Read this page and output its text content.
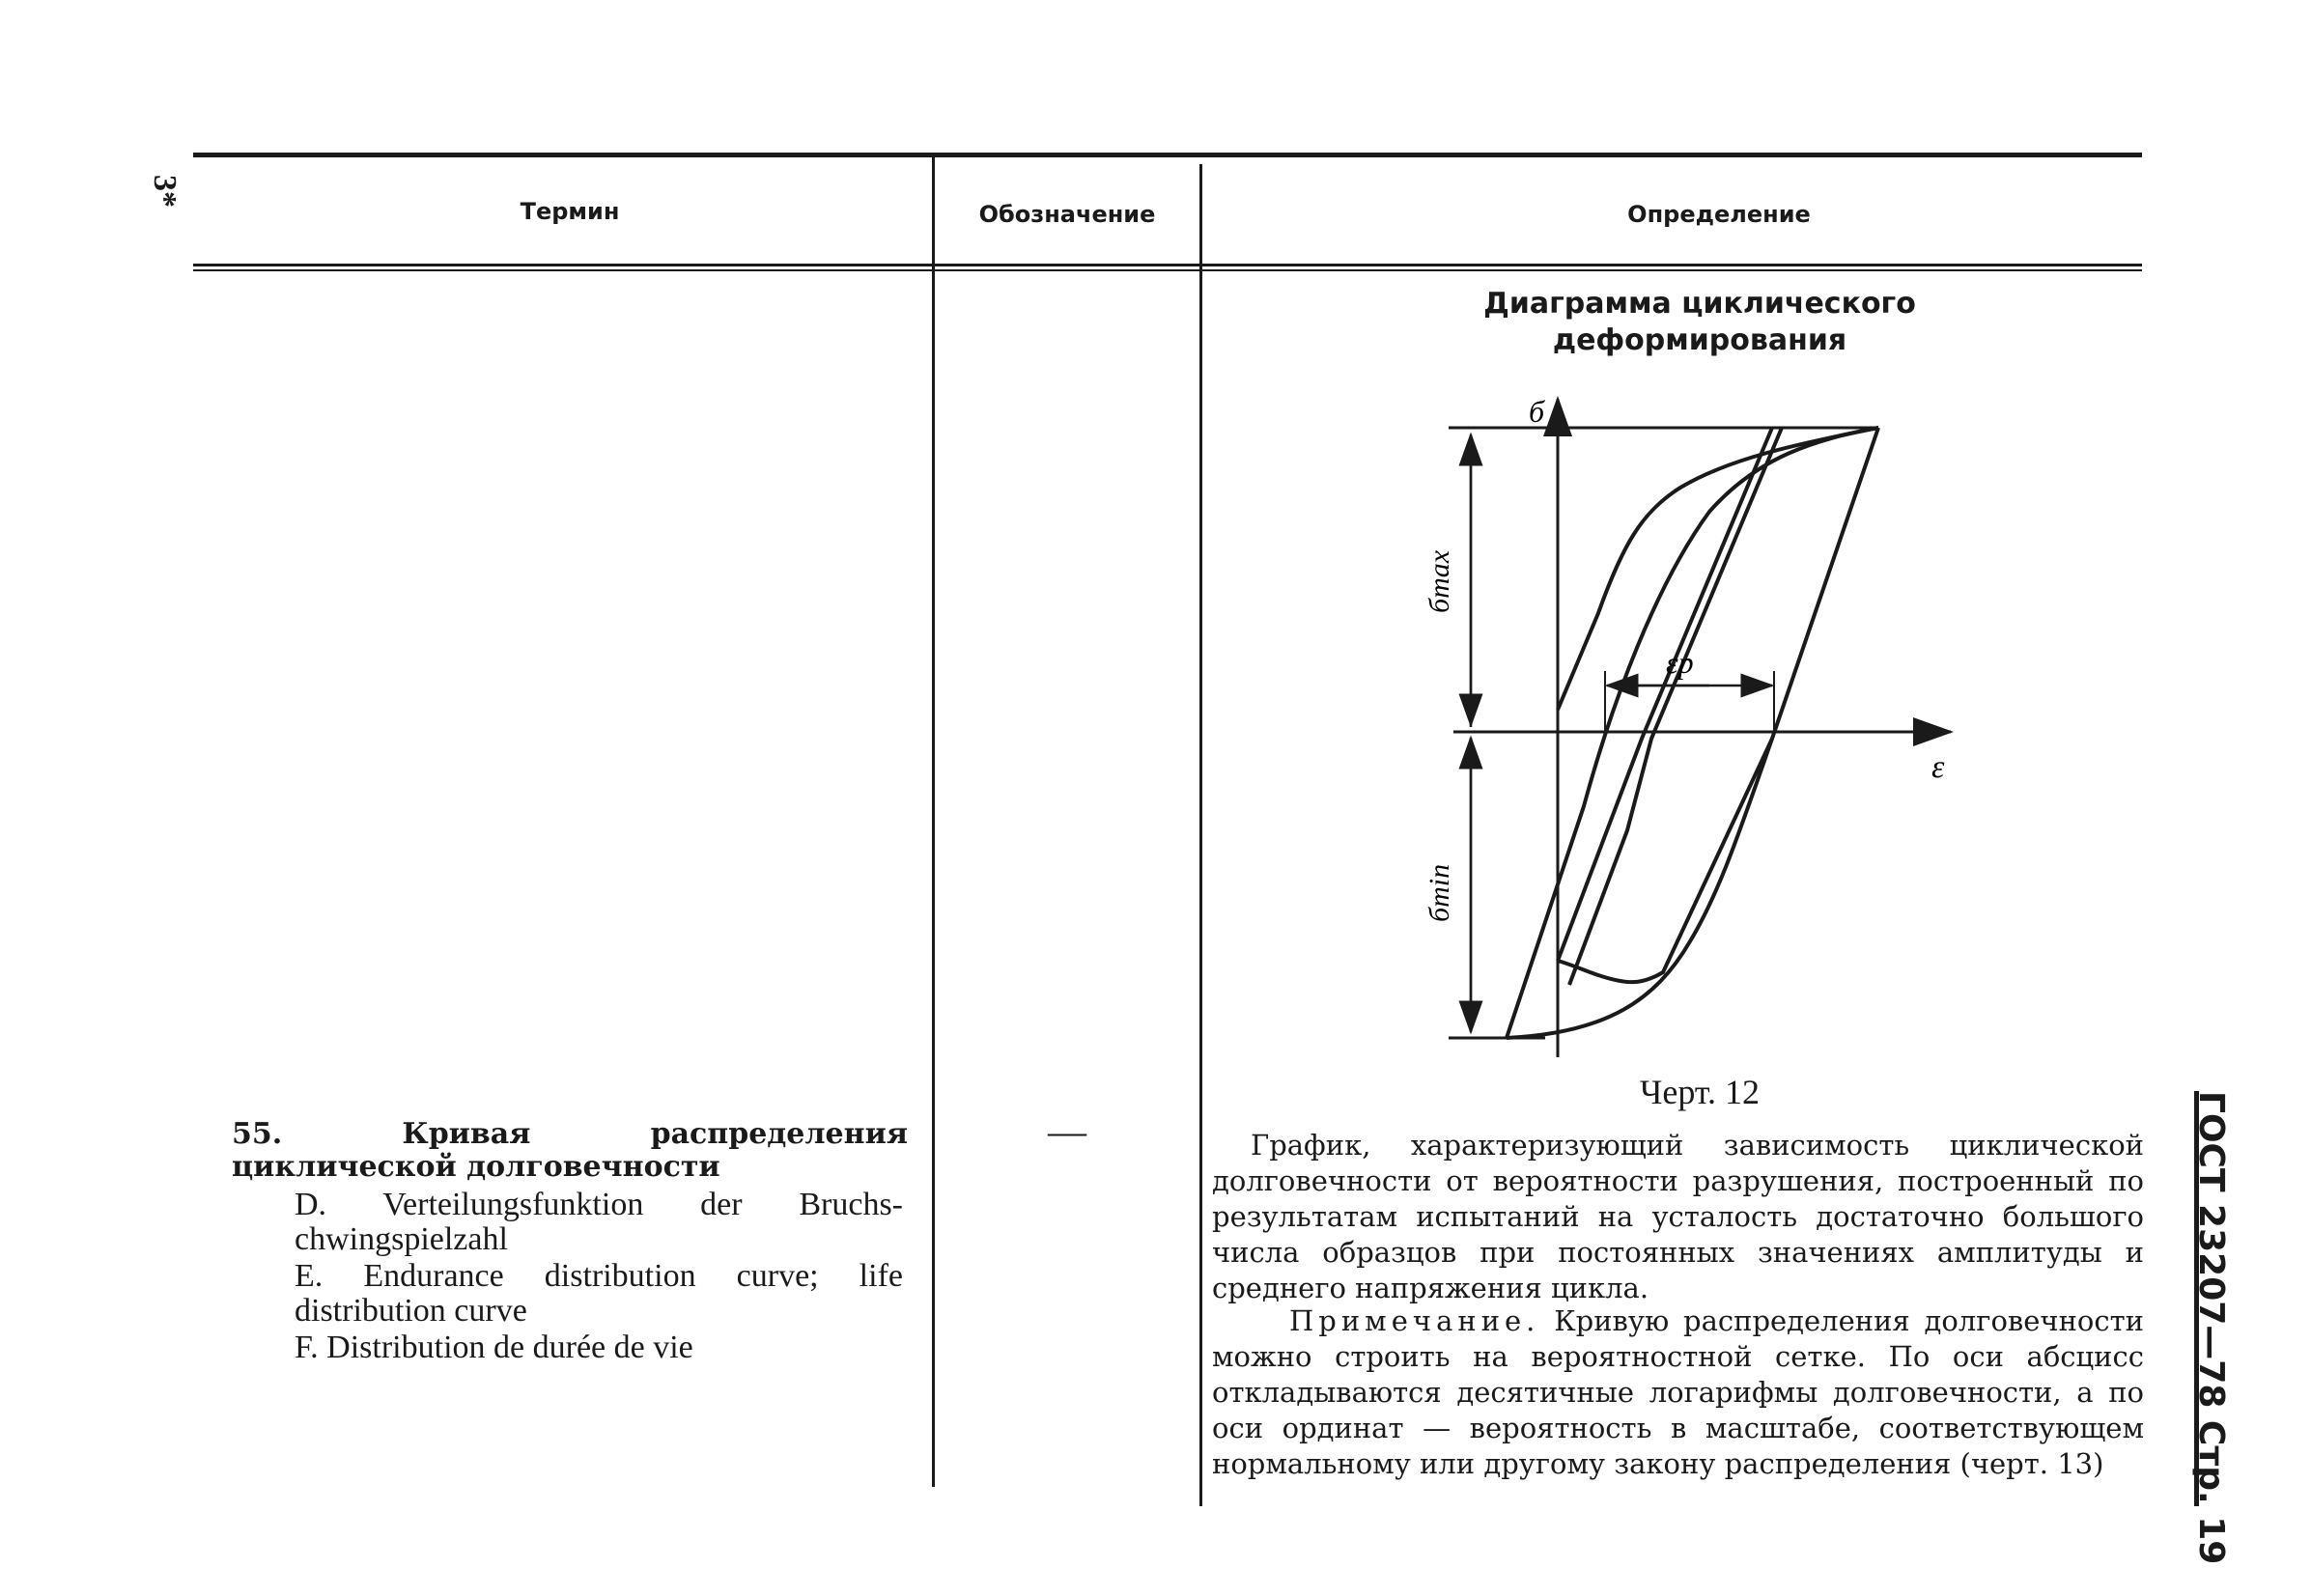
3*
Термин	Обозначение	Определение
Диаграмма циклического
деформирования
б
бmax
бmin
εp
ε
Черт. 12
55. Кривая распределения циклической долговечности
D. Verteilungsfunktion der Bruchs-chwingspielzahl
E. Endurance distribution curve; life distribution curve
F. Distribution de durée de vie
—	График, характеризующий зависимость циклической долговечности от вероятности разрушения, построенный по результатам испытаний на усталость достаточно большого числа образцов при постоянных значениях амплитуды и среднего напряжения цикла.
Примечание. Кривую распределения долговечности можно строить на вероятностной сетке. По оси абсцисс откладываются десятичные логарифмы долговечности, а по оси ординат — вероятность в масштабе, соответствующем нормальному или другому закону распределения (черт. 13)	ГОСТ 23207—78 Стр. 19
